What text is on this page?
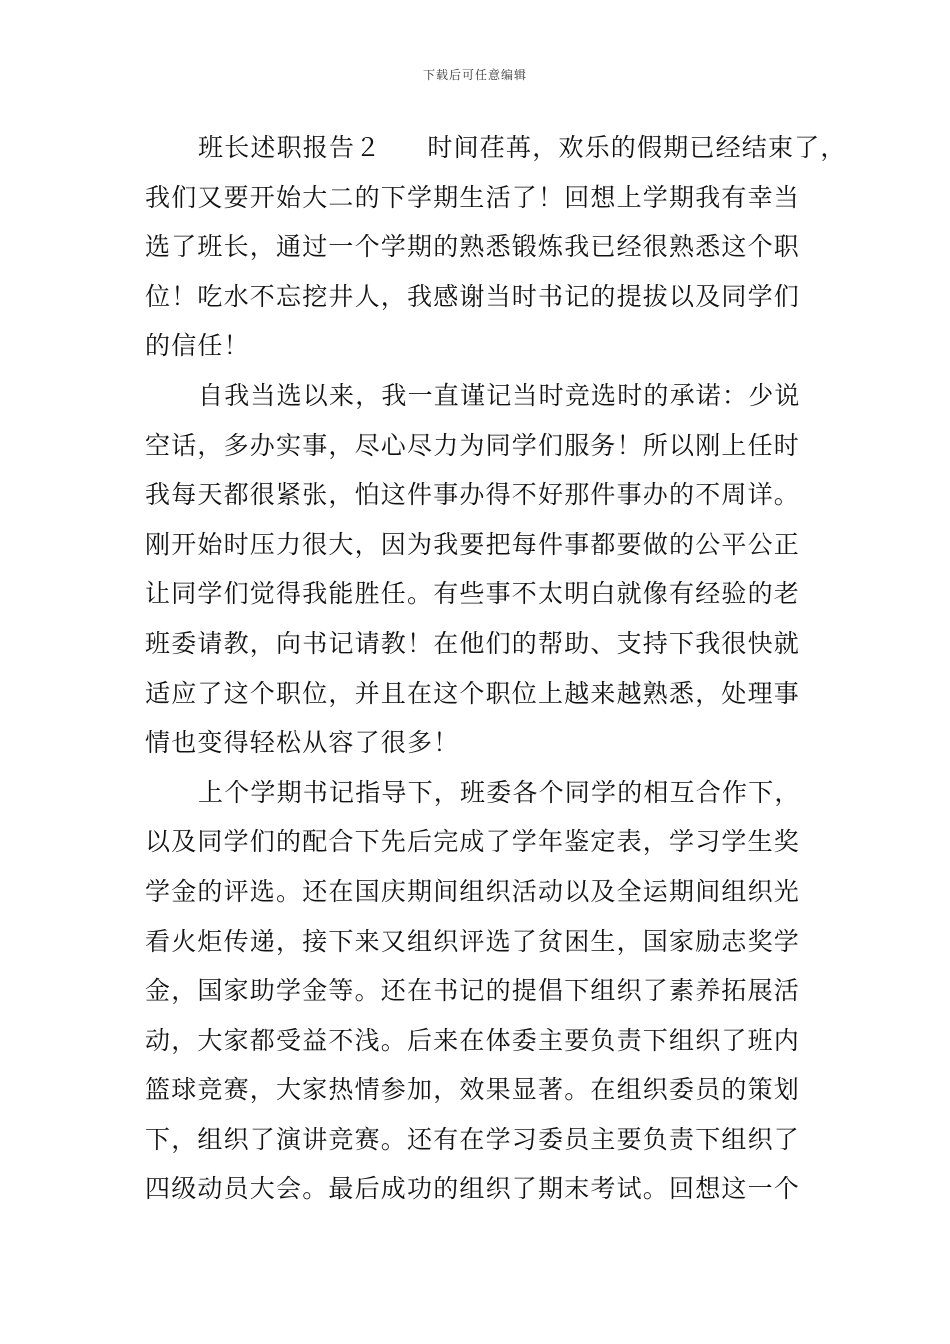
下载后可任意编辑
班长述职报告２ 时间荏苒，欢乐的假期已经结束了，
我们又要开始大二的下学期生活了！回想上学期我有幸当
选了班长，通过一个学期的熟悉锻炼我已经很熟悉这个职
位！吃水不忘挖井人，我感谢当时书记的提拔以及同学们
的信任！
自我当选以来，我一直谨记当时竞选时的承诺：少说
空话，多办实事，尽心尽力为同学们服务！所以刚上任时
我每天都很紧张，怕这件事办得不好那件事办的不周详。
刚开始时压力很大，因为我要把每件事都要做的公平公正
让同学们觉得我能胜任。有些事不太明白就像有经验的老
班委请教，向书记请教！在他们的帮助、支持下我很快就
适应了这个职位，并且在这个职位上越来越熟悉，处理事
情也变得轻松从容了很多！
上个学期书记指导下，班委各个同学的相互合作下，
以及同学们的配合下先后完成了学年鉴定表，学习学生奖
学金的评选。还在国庆期间组织活动以及全运期间组织光
看火炬传递，接下来又组织评选了贫困生，国家励志奖学
金，国家助学金等。还在书记的提倡下组织了素养拓展活
动，大家都受益不浅。后来在体委主要负责下组织了班内
篮球竞赛，大家热情参加，效果显著。在组织委员的策划
下，组织了演讲竞赛。还有在学习委员主要负责下组织了
四级动员大会。最后成功的组织了期末考试。回想这一个
